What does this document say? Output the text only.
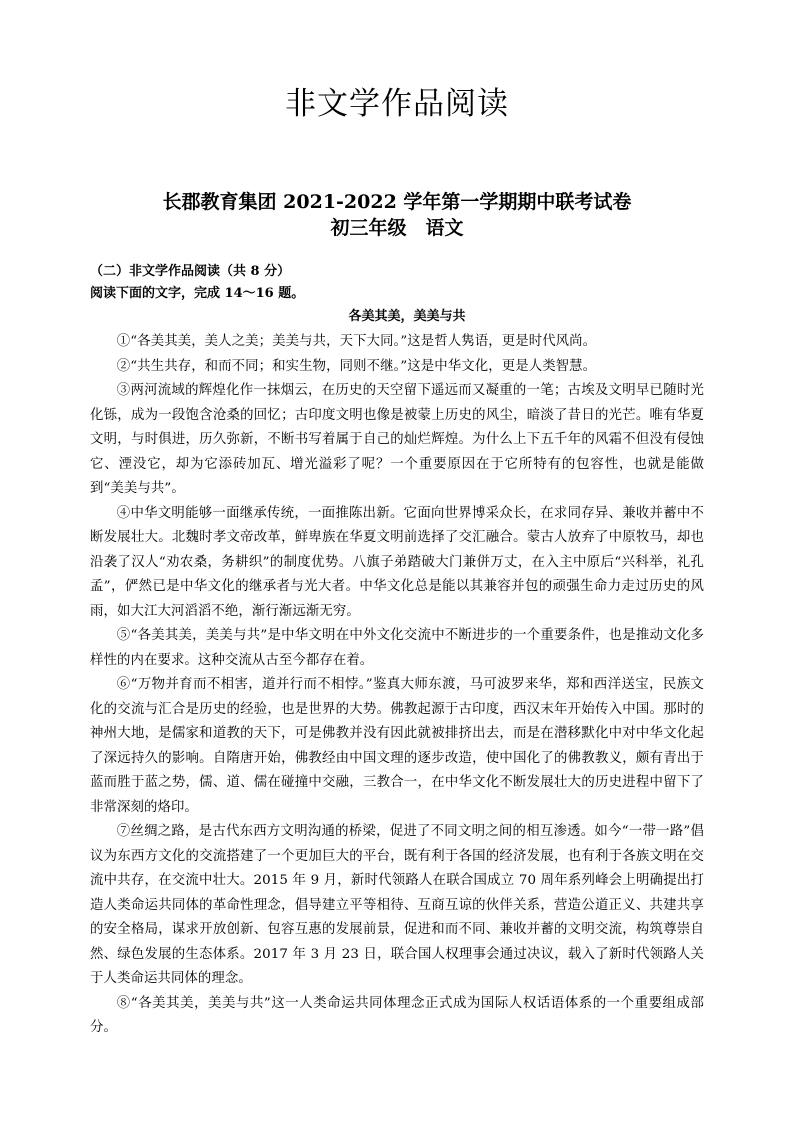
非文学作品阅读
长郡教育集团 2021-2022 学年第一学期期中联考试卷
初三年级　语文

（二）非文学作品阅读（共 8 分）

阅读下面的文字，完成 14～16 题。

各美其美，美美与共

①“各美其美，美人之美；美美与共，天下大同。”这是哲人隽语，更是时代风尚。

②“共生共存，和而不同；和实生物，同则不继。”这是中华文化，更是人类智慧。

③两河流域的辉煌化作一抹烟云，在历史的天空留下遥远而又凝重的一笔；古埃及文明早已随时光化铄，成为一段饱含沧桑的回忆；古印度文明也像是被蒙上历史的风尘，暗淡了昔日的光芒。唯有华夏文明，与时俱进，历久弥新，不断书写着属于自己的灿烂辉煌。为什么上下五千年的风霜不但没有侵蚀它、湮没它，却为它添砖加瓦、增光溢彩了呢？一个重要原因在于它所特有的包容性，也就是能做到“美美与共”。

④中华文明能够一面继承传统，一面推陈出新。它面向世界博采众长，在求同存异、兼收并蓄中不断发展壮大。北魏时孝文帝改革，鲜卑族在华夏文明前选择了交汇融合。蒙古人放弃了中原牧马，却也沿袭了汉人“劝农桑，务耕织”的制度优势。八旗子弟踏破大门兼併万丈，在入主中原后“兴科举，礼孔孟”，俨然已是中华文化的继承者与光大者。中华文化总是能以其兼容并包的顽强生命力走过历史的风雨，如大江大河滔滔不绝，渐行渐远渐无穷。

⑤“各美其美，美美与共”是中华文明在中外文化交流中不断进步的一个重要条件，也是推动文化多样性的内在要求。这种交流从古至今都存在着。

⑥“万物并育而不相害，道并行而不相悖。”鉴真大师东渡，马可波罗来华，郑和西洋送宝，民族文化的交流与汇合是历史的经验，也是世界的大势。佛教起源于古印度，西汉末年开始传入中国。那时的神州大地，是儒家和道教的天下，可是佛教并没有因此就被排挤出去，而是在潜移默化中对中华文化起了深远持久的影响。自隋唐开始，佛教经由中国文理的逐步改造，使中国化了的佛教教义，颇有青出于蓝而胜于蓝之势，儒、道、儒在碰撞中交融，三教合一，在中华文化不断发展壮大的历史进程中留下了非常深刻的烙印。

⑦丝绸之路，是古代东西方文明沟通的桥梁，促进了不同文明之间的相互渗透。如今“一带一路”倡议为东西方文化的交流搭建了一个更加巨大的平台，既有利于各国的经济发展，也有利于各族文明在交流中共存，在交流中壮大。2015 年 9 月，新时代领路人在联合国成立 70 周年系列峰会上明确提出打造人类命运共同体的革命性理念，倡导建立平等相待、互商互谅的伙伴关系，营造公道正义、共建共享的安全格局，谋求开放创新、包容互惠的发展前景，促进和而不同、兼收并蓄的文明交流，构筑尊崇自然、绿色发展的生态体系。2017 年 3 月 23 日，联合国人权理事会通过决议，载入了新时代领路人关于人类命运共同体的理念。

⑧“各美其美，美美与共”这一人类命运共同体理念正式成为国际人权话语体系的一个重要组成部分。
